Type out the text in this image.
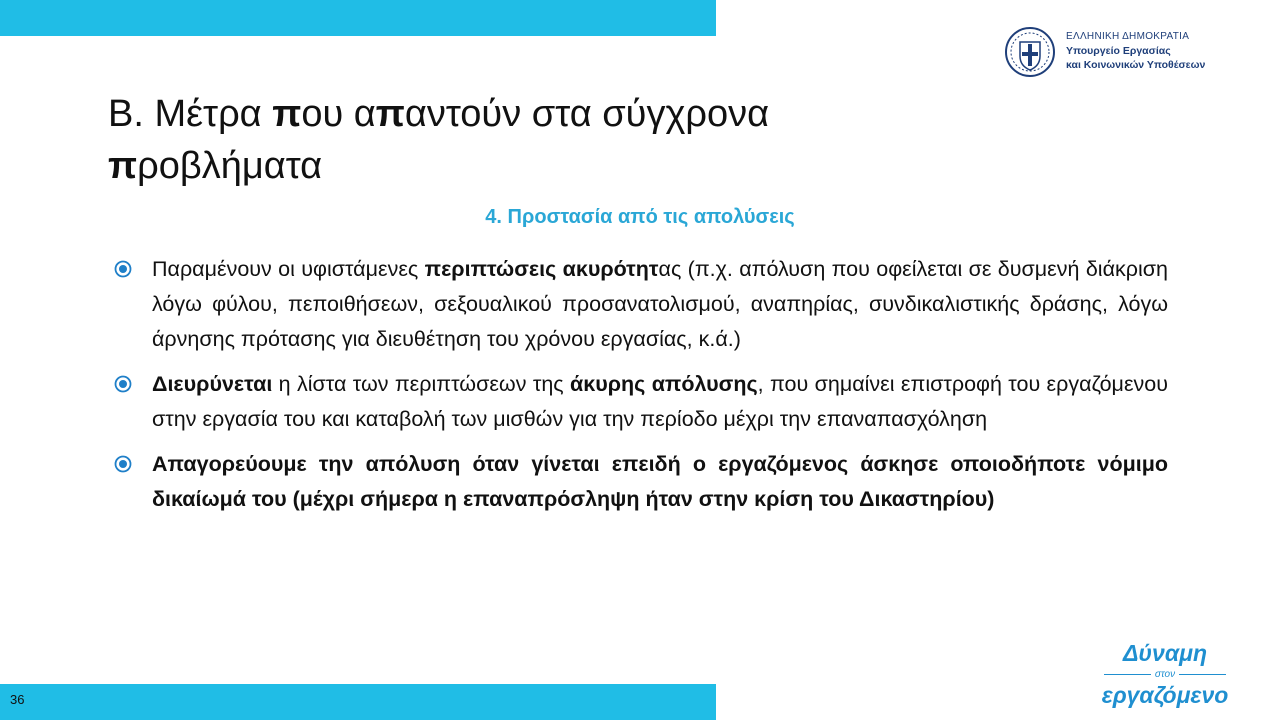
ΕΛΛΗΝΙΚΗ ΔΗΜΟΚΡΑΤΙΑ
Υπουργείο Εργασίας
και Κοινωνικών Υποθέσεων
Β. Μέτρα που απαντούν στα σύγχρονα
προβλήματα
4. Προστασία από τις απολύσεις
Παραμένουν οι υφιστάμενες περιπτώσεις ακυρότητας (π.χ. απόλυση που οφείλεται σε δυσμενή διάκριση λόγω φύλου, πεποιθήσεων, σεξουαλικού προσανατολισμού, αναπηρίας, συνδικαλιστικής δράσης, λόγω άρνησης πρότασης για διευθέτηση του χρόνου εργασίας, κ.ά.)
Διευρύνεται η λίστα των περιπτώσεων της άκυρης απόλυσης, που σημαίνει επιστροφή του εργαζόμενου στην εργασία του και καταβολή των μισθών για την περίοδο μέχρι την επαναπασχόληση
Απαγορεύουμε την απόλυση όταν γίνεται επειδή ο εργαζόμενος άσκησε οποιοδήποτε νόμιμο δικαίωμά του (μέχρι σήμερα η επαναπρόσληψη ήταν στην κρίση του Δικαστηρίου)
36
Δύναμη
στον
εργαζόμενο
